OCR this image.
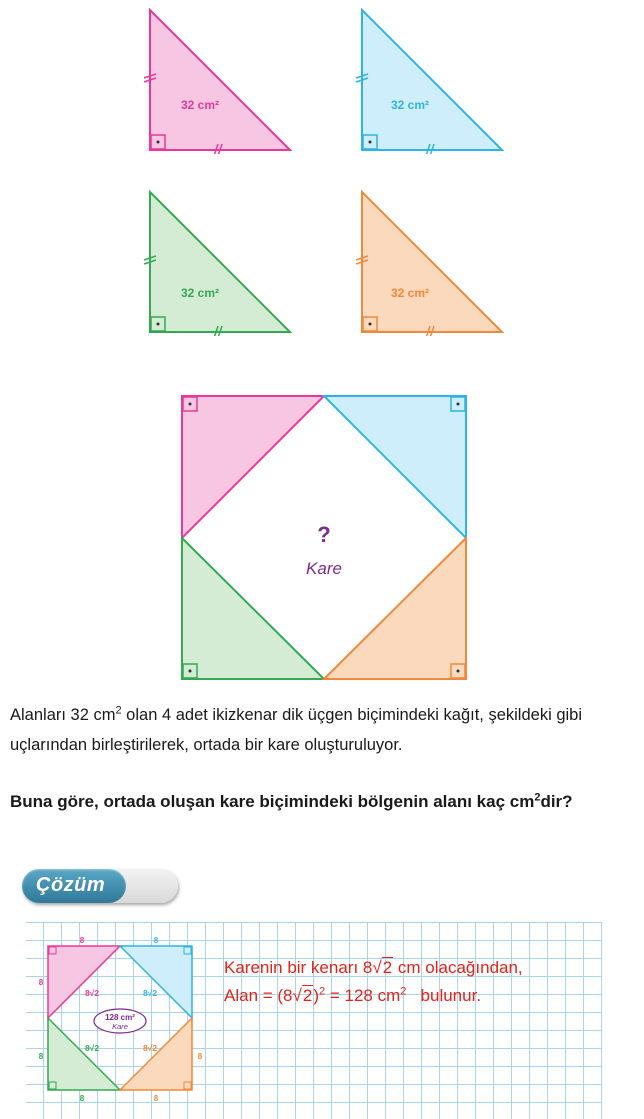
32 cm²	32 cm²
32 cm²	32 cm²
?
Kare
Alanları 32 $cm^2$ olan 4 adet ikizkenar dik üçgen biçimindeki kağıt, şekildeki gibi uçlarından birleştirilerek, ortada bir kare oluşturuluyor.
Buna göre, ortada oluşan kare biçimindeki bölgenin alanı kaç $cm^2dir$?
Çözüm
8	8
8
8	8
8	8
8√2	8√2
8√2	8√2
128 cm²
Kare
Karenin bir kenarı 8√2 cm olacağından,
Alan = $(8√2)^2 = 128$ $cm^2$   bulunur.
